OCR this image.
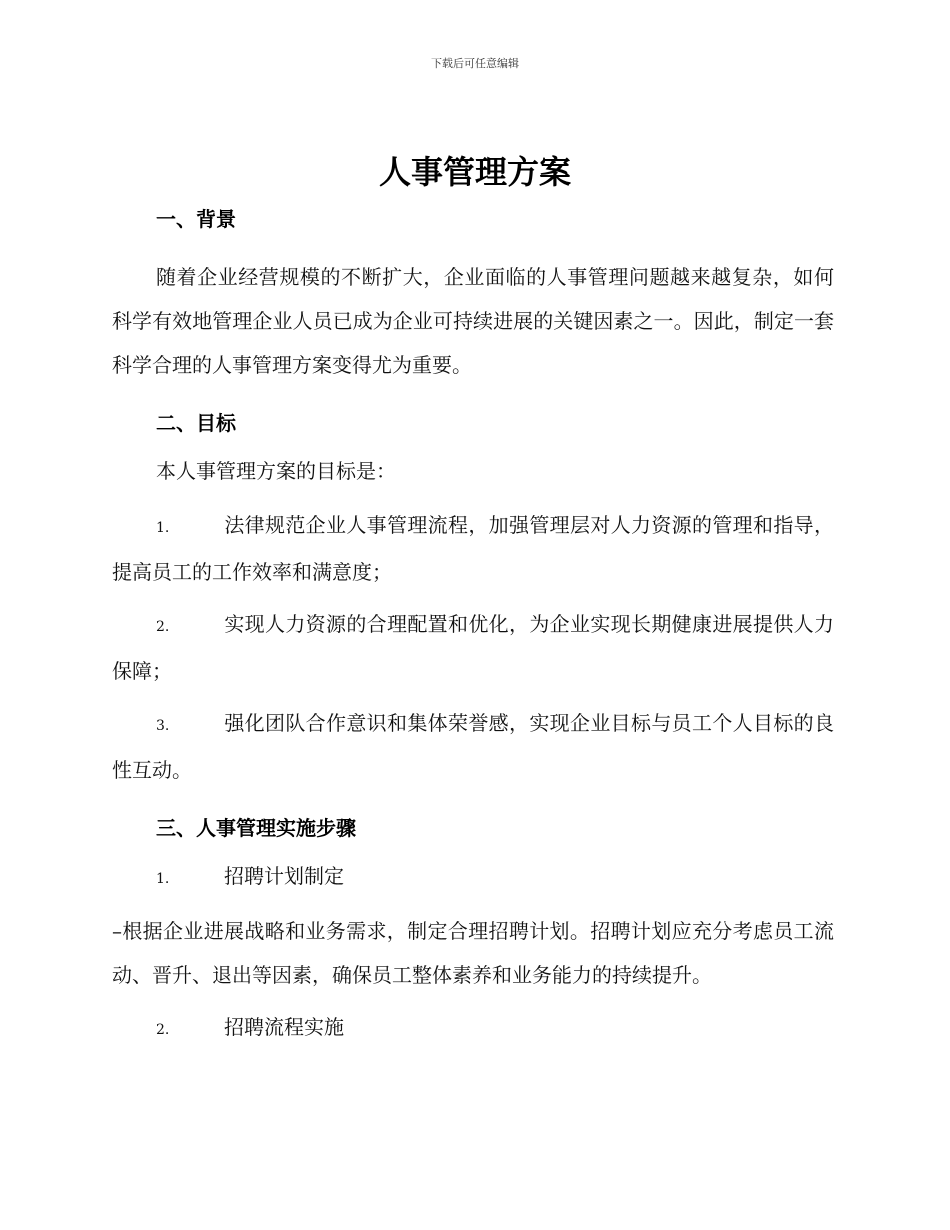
下载后可任意编辑
人事管理方案

一、背景

随着企业经营规模的不断扩大，企业面临的人事管理问题越来越复杂，如何科学有效地管理企业人员已成为企业可持续进展的关键因素之一。因此，制定一套科学合理的人事管理方案变得尤为重要。

二、目标

本人事管理方案的目标是：

1.	法律规范企业人事管理流程，加强管理层对人力资源的管理和指导，提高员工的工作效率和满意度；

2.	实现人力资源的合理配置和优化，为企业实现长期健康进展提供人力保障；

3.	强化团队合作意识和集体荣誉感，实现企业目标与员工个人目标的良性互动。

三、人事管理实施步骤

1.	招聘计划制定

–根据企业进展战略和业务需求，制定合理招聘计划。招聘计划应充分考虑员工流动、晋升、退出等因素，确保员工整体素养和业务能力的持续提升。

2.	招聘流程实施
